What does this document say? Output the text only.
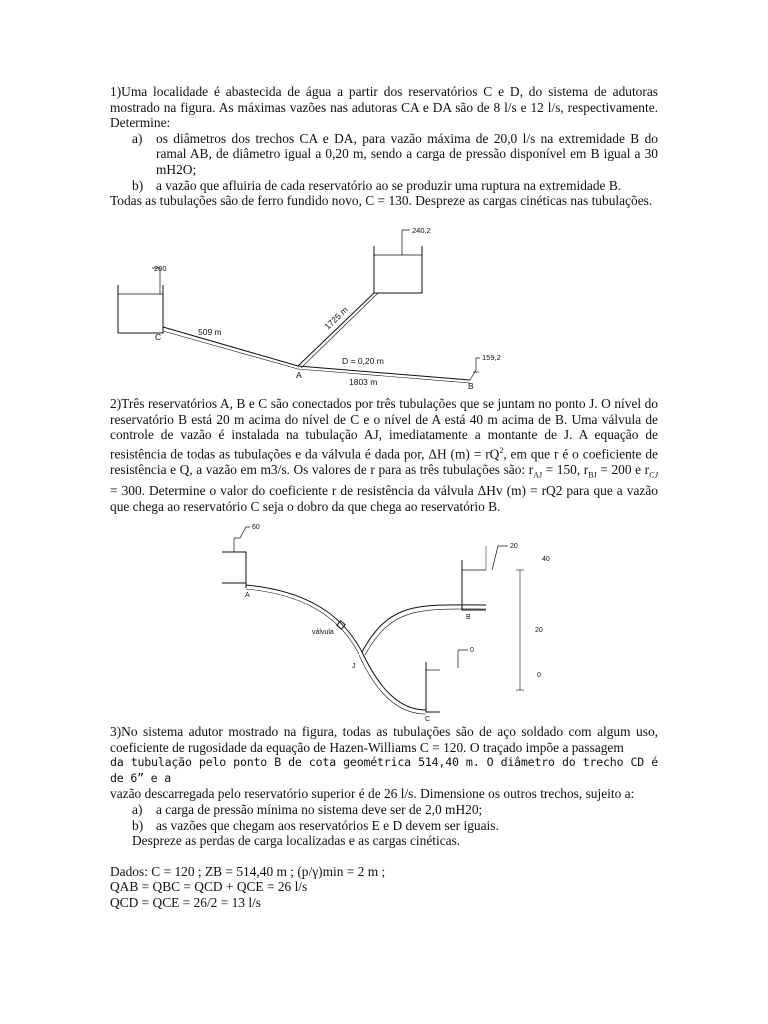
1)Uma localidade é abastecida de água a partir dos reservatórios C e D, do sistema de adutoras mostrado na figura. As máximas vazões nas adutoras CA e DA são de 8 l/s e 12 l/s, respectivamente. Determine:

a) os diâmetros dos trechos CA e DA, para vazão máxima de 20,0 l/s na extremidade B do ramal AB, de diâmetro igual a 0,20 m, sendo a carga de pressão disponível em B igual a 30 mH2O;

b) a vazão que afluiria de cada reservatório ao se produzir uma ruptura na extremidade B.

Todas as tubulações são de ferro fundido novo, C = 130. Despreze as cargas cinéticas nas tubulações.

240,2
200
159,2
509 m
1725 m
1803 m
D = 0,20 m
C
A
B

2)Três reservatórios A, B e C são conectados por três tubulações que se juntam no ponto J. O nível do reservatório B está 20 m acima do nível de C e o nível de A está 40 m acima de B. Uma válvula de controle de vazão é instalada na tubulação AJ, imediatamente a montante de J. A equação de resistência de todas as tubulações e da válvula é dada por, ΔH $(m) = rQ^2$, em que r é o coeficiente de resistência e Q, a vazão em m3/s. Os valores de r para as três tubulações são: $r_{AJ} = 150$, $r_{BJ} = 200$ e $r_{CJ} = 300$. Determine o valor do coeficiente r de resistência da válvula ΔHv (m) = rQ2 para que a vazão que chega ao reservatório C seja o dobro da que chega ao reservatório B.

60
20
0
40
20
0
A
B
C
J
válvula

3)No sistema adutor mostrado na figura, todas as tubulações são de aço soldado com algum uso, coeficiente de rugosidade da equação de Hazen-Williams C = 120. O traçado impõe a passagem

da tubulação pelo ponto B de cota geométrica 514,40 m. O diâmetro do trecho CD é de 6” e a

vazão descarregada pelo reservatório superior é de 26 l/s. Dimensione os outros trechos, sujeito a:

a) a carga de pressão mínima no sistema deve ser de 2,0 mH20;

b) as vazões que chegam aos reservatórios E e D devem ser iguais.

Despreze as perdas de carga localizadas e as cargas cinéticas.

Dados: C = 120 ; ZB = 514,40 m ; (p/γ)min = 2 m ;

QAB = QBC = QCD + QCE = 26 l/s

QCD = QCE = 26/2 = 13 l/s
